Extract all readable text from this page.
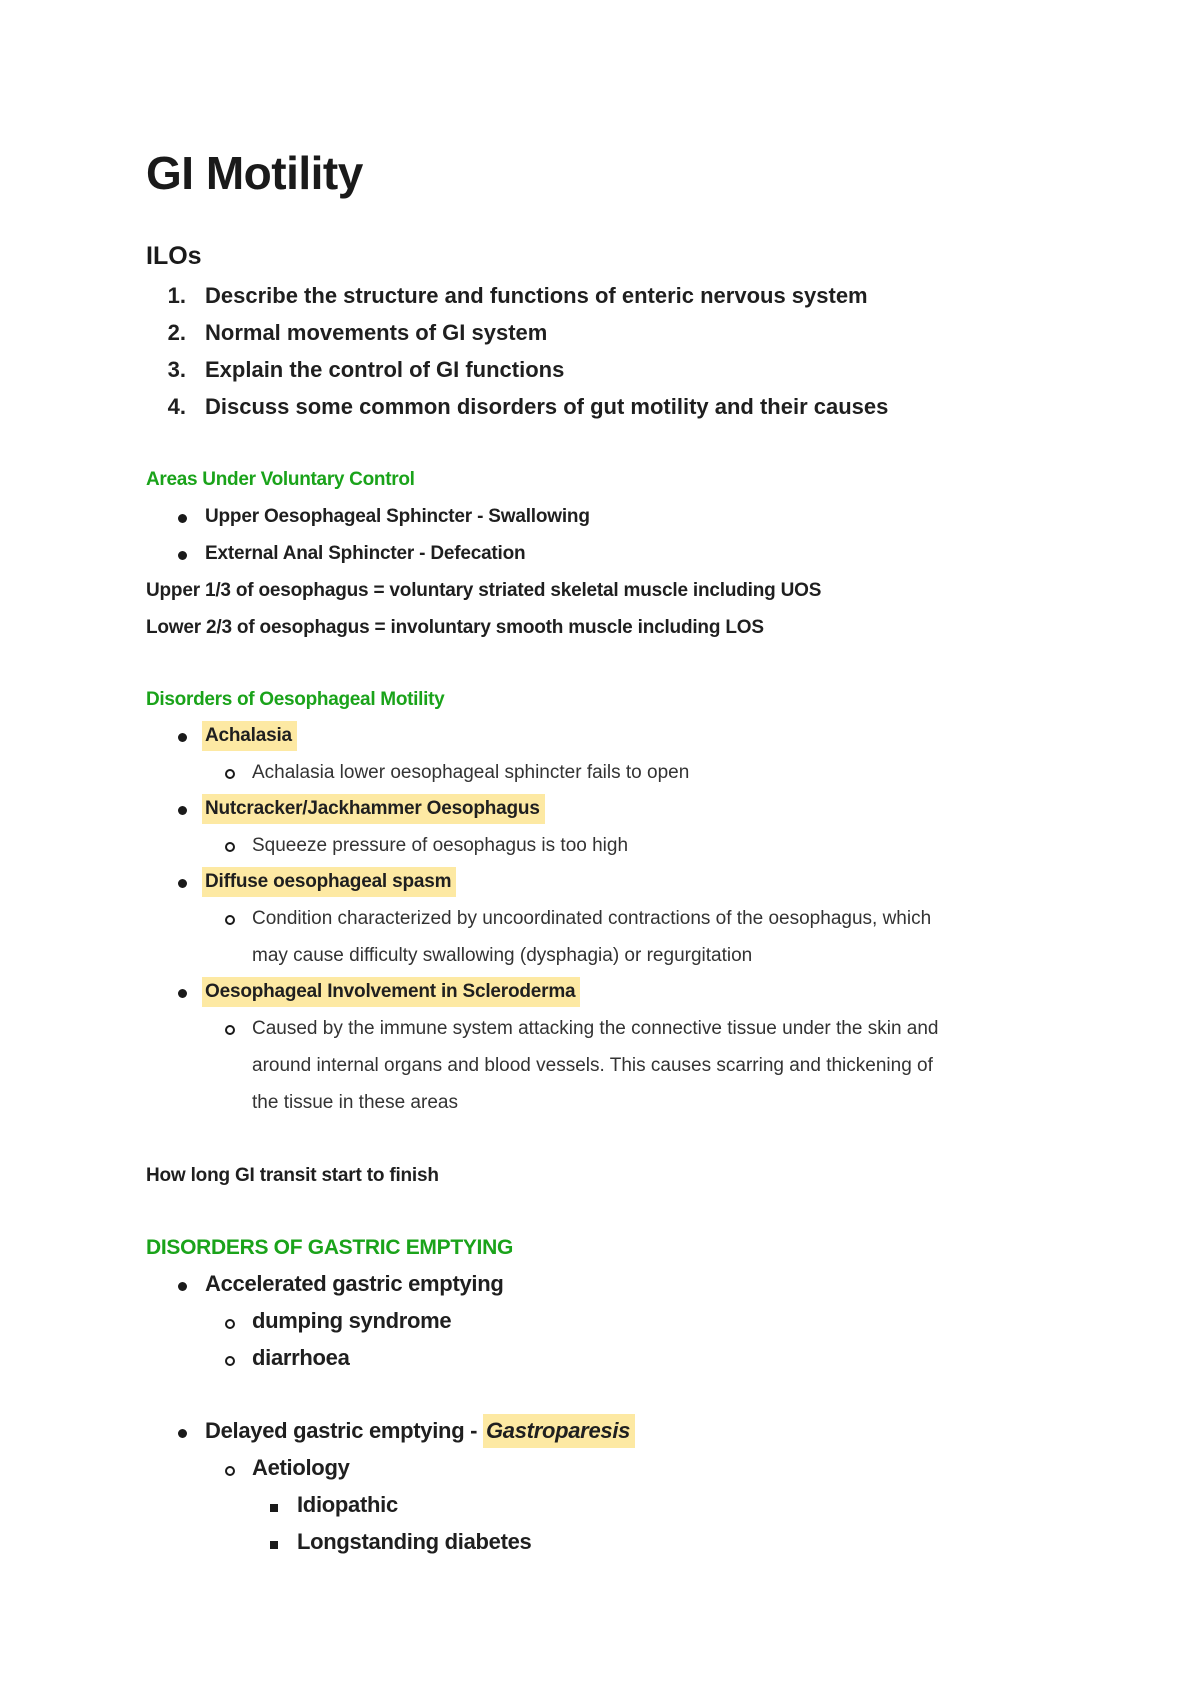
GI Motility
ILOs
1. Describe the structure and functions of enteric nervous system
2. Normal movements of GI system
3. Explain the control of GI functions
4. Discuss some common disorders of gut motility and their causes
Areas Under Voluntary Control
Upper Oesophageal Sphincter - Swallowing
External Anal Sphincter - Defecation
Upper 1/3 of oesophagus = voluntary striated skeletal muscle including UOS
Lower 2/3 of oesophagus = involuntary smooth muscle including LOS
Disorders of Oesophageal Motility
Achalasia
Achalasia lower oesophageal sphincter fails to open
Nutcracker/Jackhammer Oesophagus
Squeeze pressure of oesophagus is too high
Diffuse oesophageal spasm
Condition characterized by uncoordinated contractions of the oesophagus, which
may cause difficulty swallowing (dysphagia) or regurgitation
Oesophageal Involvement in Scleroderma
Caused by the immune system attacking the connective tissue under the skin and
around internal organs and blood vessels. This causes scarring and thickening of
the tissue in these areas
How long GI transit start to finish
DISORDERS OF GASTRIC EMPTYING
Accelerated gastric emptying
dumping syndrome
diarrhoea
Delayed gastric emptying - Gastroparesis
Aetiology
Idiopathic
Longstanding diabetes
